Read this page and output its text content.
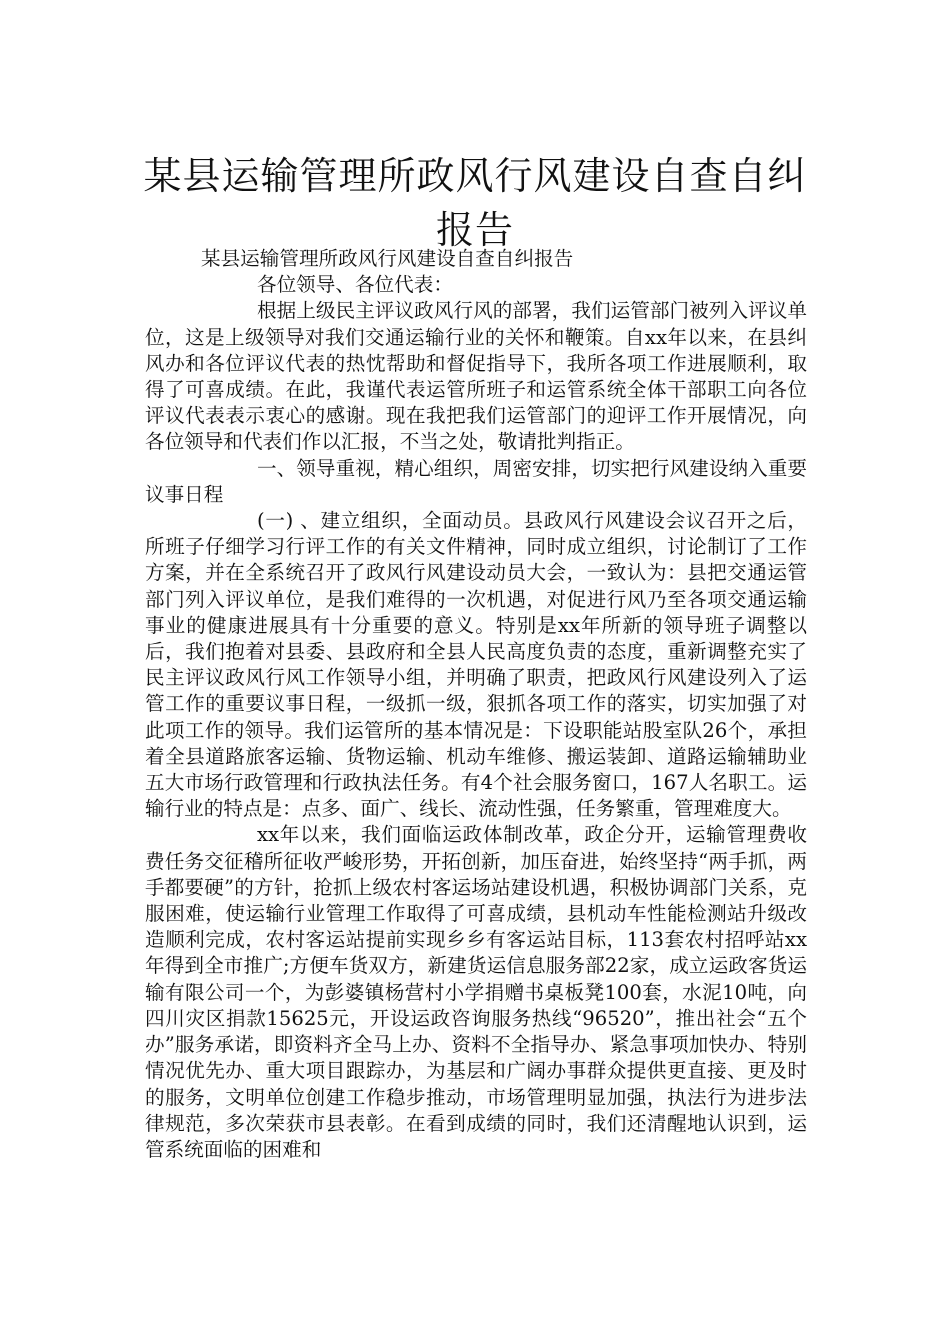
某县运输管理所政风行风建设自查自纠报告

某县运输管理所政风行风建设自查自纠报告

各位领导、各位代表：

根据上级民主评议政风行风的部署，我们运管部门被列入评议单位，这是上级领导对我们交通运输行业的关怀和鞭策。自xx年以来，在县纠风办和各位评议代表的热忱帮助和督促指导下，我所各项工作进展顺利，取得了可喜成绩。在此，我谨代表运管所班子和运管系统全体干部职工向各位评议代表表示衷心的感谢。现在我把我们运管部门的迎评工作开展情况，向各位领导和代表们作以汇报，不当之处，敬请批判指正。

一、领导重视，精心组织，周密安排，切实把行风建设纳入重要议事日程

(一) 、建立组织，全面动员。县政风行风建设会议召开之后，所班子仔细学习行评工作的有关文件精神，同时成立组织，讨论制订了工作方案，并在全系统召开了政风行风建设动员大会，一致认为：县把交通运管部门列入评议单位，是我们难得的一次机遇，对促进行风乃至各项交通运输事业的健康进展具有十分重要的意义。特别是xx年所新的领导班子调整以后，我们抱着对县委、县政府和全县人民高度负责的态度，重新调整充实了民主评议政风行风工作领导小组，并明确了职责，把政风行风建设列入了运管工作的重要议事日程，一级抓一级，狠抓各项工作的落实，切实加强了对此项工作的领导。我们运管所的基本情况是：下设职能站股室队26个，承担着全县道路旅客运输、货物运输、机动车维修、搬运装卸、道路运输辅助业五大市场行政管理和行政执法任务。有4个社会服务窗口，167人名职工。运输行业的特点是：点多、面广、线长、流动性强，任务繁重，管理难度大。

xx年以来，我们面临运政体制改革，政企分开，运输管理费收费任务交征稽所征收严峻形势，开拓创新，加压奋进，始终坚持“两手抓，两手都要硬”的方针，抢抓上级农村客运场站建设机遇，积极协调部门关系，克服困难，使运输行业管理工作取得了可喜成绩，县机动车性能检测站升级改造顺利完成，农村客运站提前实现乡乡有客运站目标，113套农村招呼站xx年得到全市推广;方便车货双方，新建货运信息服务部22家，成立运政客货运输有限公司一个，为彭婆镇杨营村小学捐赠书桌板凳100套，水泥10吨，向四川灾区捐款15625元，开设运政咨询服务热线“96520”，推出社会“五个办”服务承诺，即资料齐全马上办、资料不全指导办、紧急事项加快办、特别情况优先办、重大项目跟踪办，为基层和广阔办事群众提供更直接、更及时的服务，文明单位创建工作稳步推动，市场管理明显加强，执法行为进步法律规范，多次荣获市县表彰。在看到成绩的同时，我们还清醒地认识到，运管系统面临的困难和
